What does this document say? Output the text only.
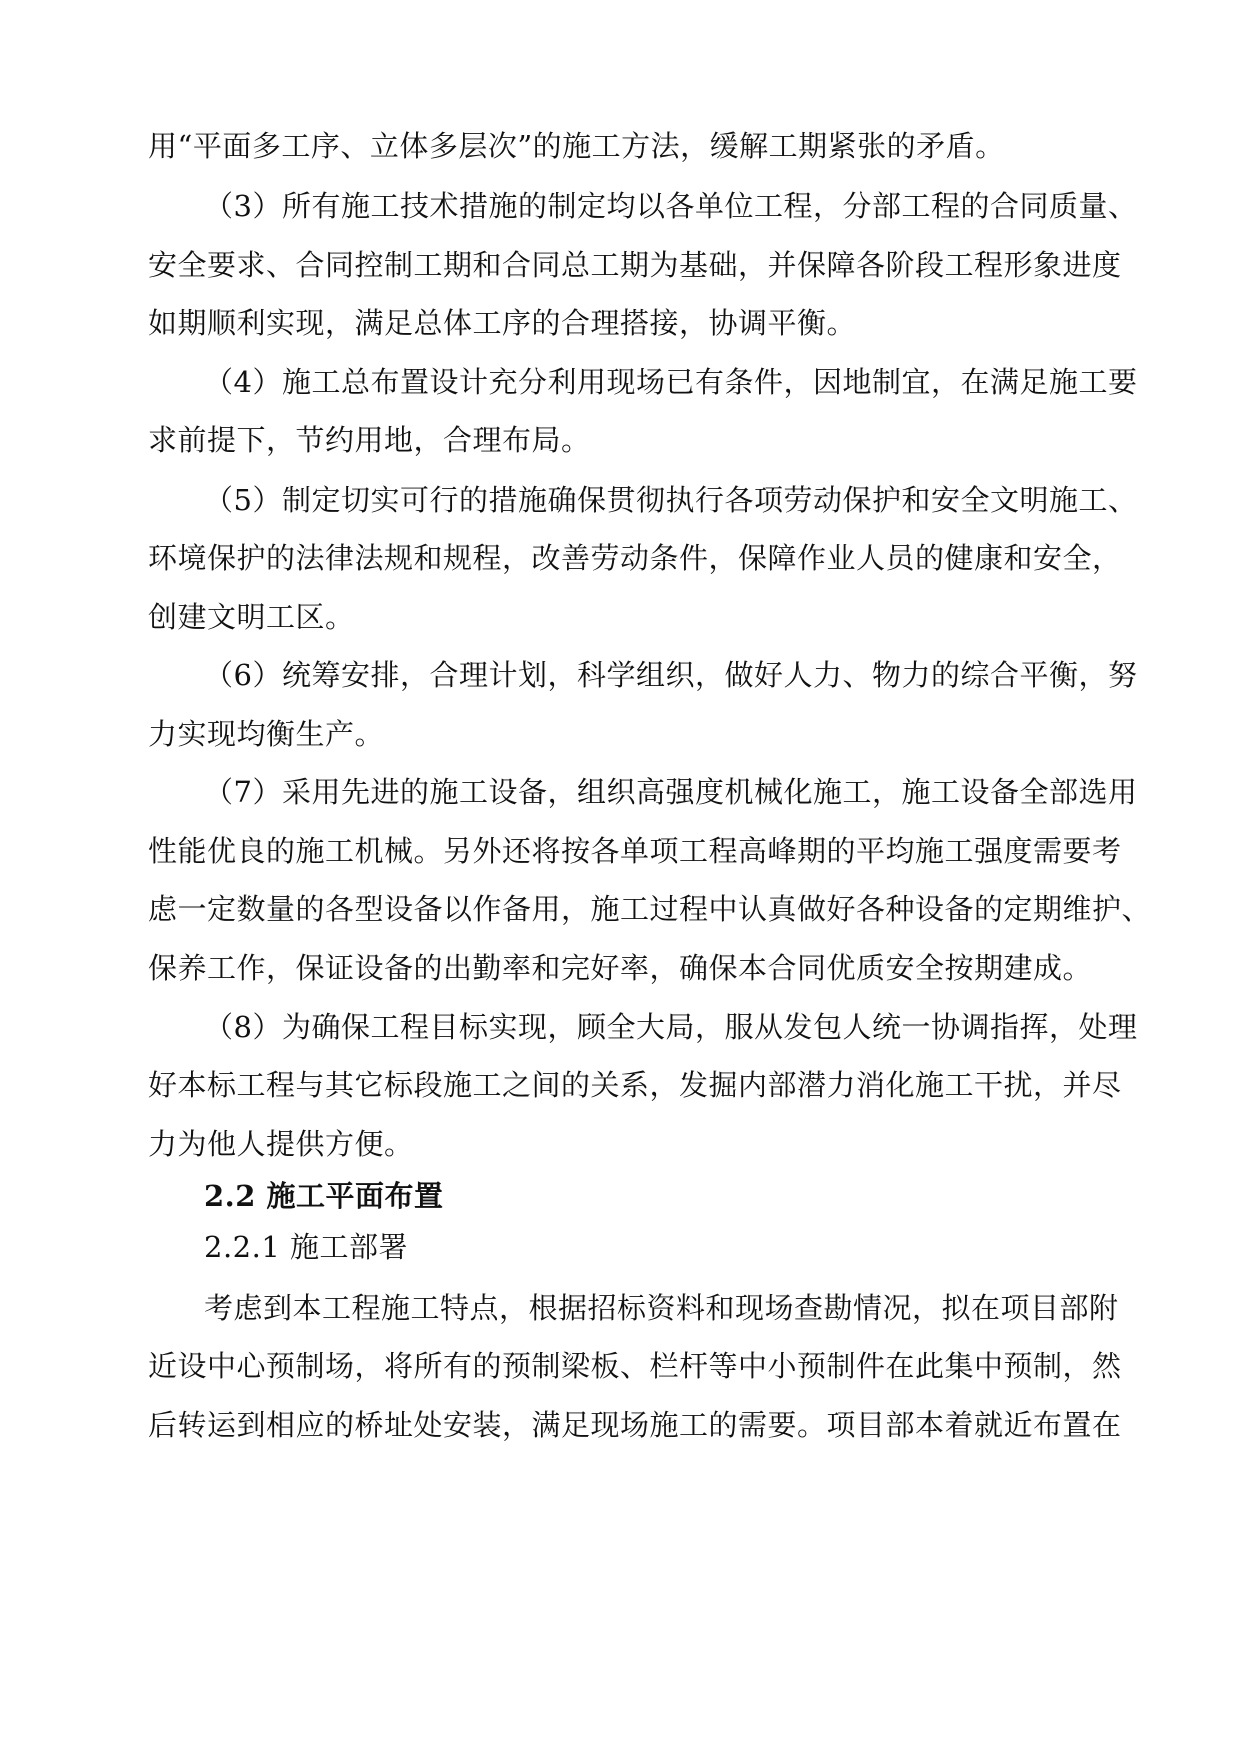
用“平面多工序、立体多层次”的施工方法，缓解工期紧张的矛盾。
（3）所有施工技术措施的制定均以各单位工程，分部工程的合同质量、
安全要求、合同控制工期和合同总工期为基础，并保障各阶段工程形象进度
如期顺利实现，满足总体工序的合理搭接，协调平衡。
（4）施工总布置设计充分利用现场已有条件，因地制宜，在满足施工要
求前提下，节约用地，合理布局。
（5）制定切实可行的措施确保贯彻执行各项劳动保护和安全文明施工、
环境保护的法律法规和规程，改善劳动条件，保障作业人员的健康和安全，
创建文明工区。
（6）统筹安排，合理计划，科学组织，做好人力、物力的综合平衡，努
力实现均衡生产。
（7）采用先进的施工设备，组织高强度机械化施工，施工设备全部选用
性能优良的施工机械。另外还将按各单项工程高峰期的平均施工强度需要考
虑一定数量的各型设备以作备用，施工过程中认真做好各种设备的定期维护、
保养工作，保证设备的出勤率和完好率，确保本合同优质安全按期建成。
（8）为确保工程目标实现，顾全大局，服从发包人统一协调指挥，处理
好本标工程与其它标段施工之间的关系，发掘内部潜力消化施工干扰，并尽
力为他人提供方便。
2.2 施工平面布置
2.2.1 施工部署
考虑到本工程施工特点，根据招标资料和现场查勘情况，拟在项目部附
近设中心预制场，将所有的预制梁板、栏杆等中小预制件在此集中预制，然
后转运到相应的桥址处安装，满足现场施工的需要。项目部本着就近布置在
